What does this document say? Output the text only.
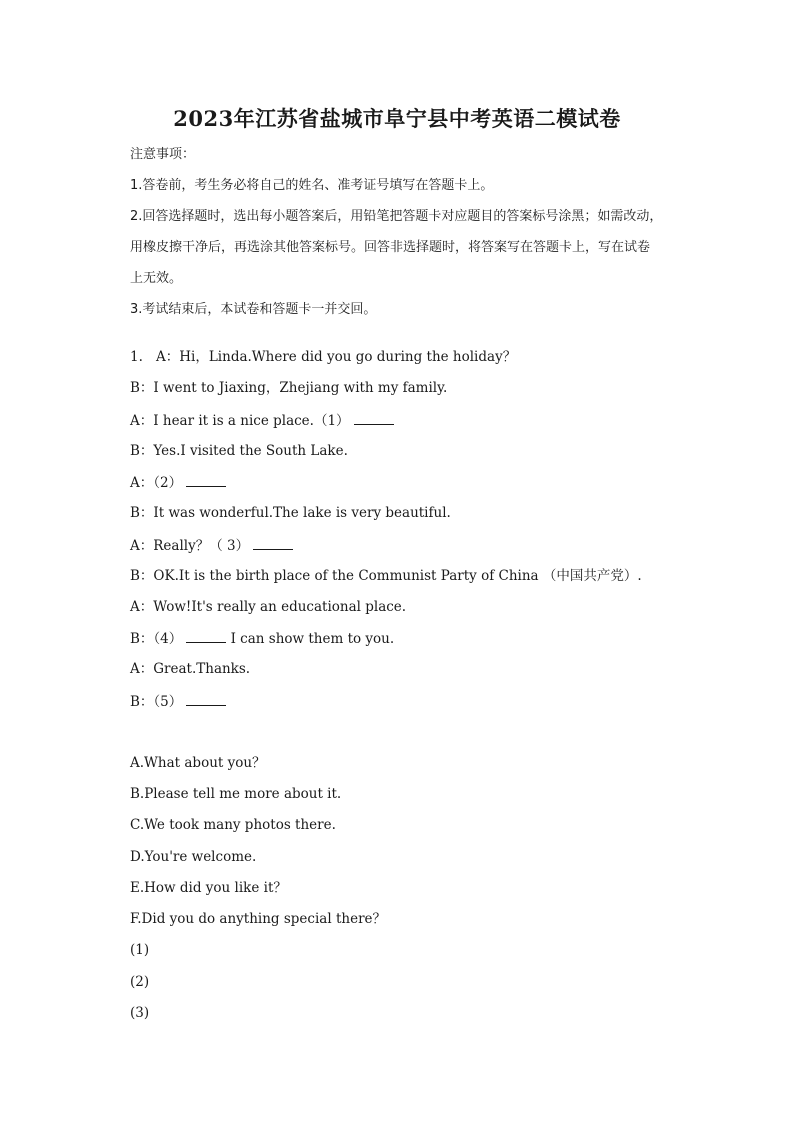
2023年江苏省盐城市阜宁县中考英语二模试卷

注意事项：

1.答卷前，考生务必将自己的姓名、准考证号填写在答题卡上。

2.回答选择题时，选出每小题答案后，用铅笔把答题卡对应题目的答案标号涂黑；如需改动，

用橡皮擦干净后，再选涂其他答案标号。回答非选择题时，将答案写在答题卡上，写在试卷

上无效。

3.考试结束后，本试卷和答题卡一并交回。

1. A：Hi，Linda.Where did you go during the holiday？

B：I went to Jiaxing，Zhejiang with my family.

A：I hear it is a nice place.（1）

B：Yes.I visited the South Lake.

A：（2）

B：It was wonderful.The lake is very beautiful.

A：Really？（ 3）

B：OK.It is the birth place of the Communist Party of China （中国共产党）.

A：Wow!It's really an educational place.

B：（4）	I can show them to you.

A：Great.Thanks.

B：（5）

A.What about you？

B.Please tell me more about it.

C.We took many photos there.

D.You're welcome.

E.How did you like it？

F.Did you do anything special there？

(1)

(2)

(3)
